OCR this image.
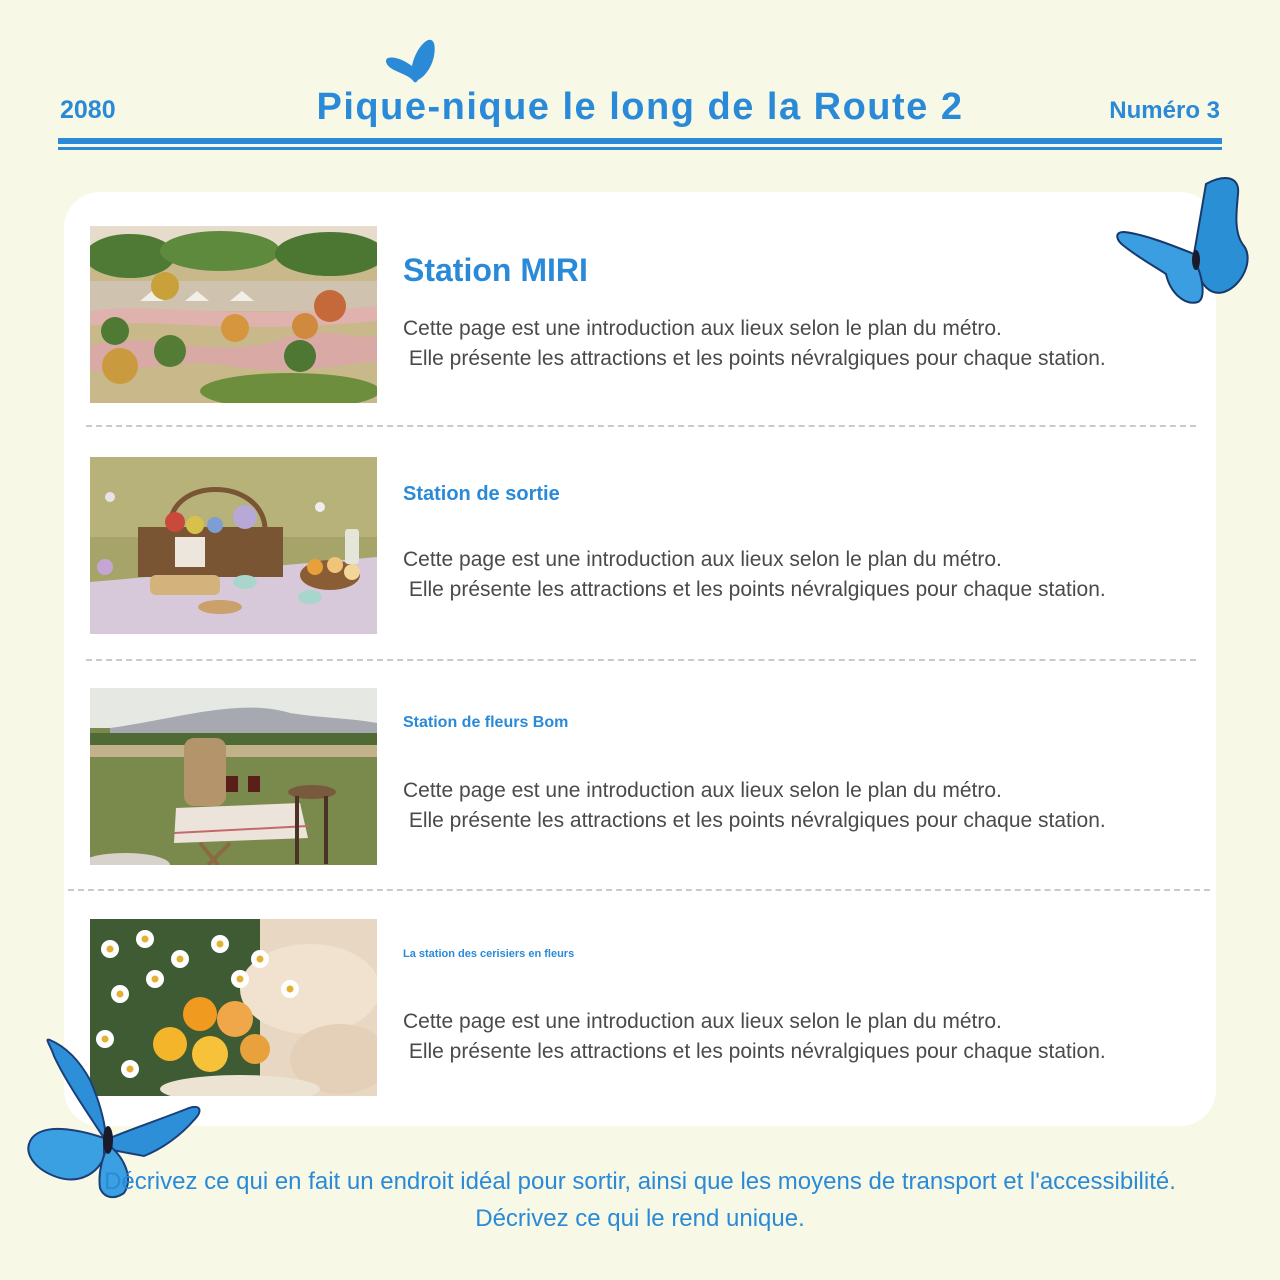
2080	Pique-nique le long de la Route 2	Numéro 3
Station MIRI
Cette page est une introduction aux lieux selon le plan du métro.
Elle présente les attractions et les points névralgiques pour chaque station.
Station de sortie
Cette page est une introduction aux lieux selon le plan du métro.
Elle présente les attractions et les points névralgiques pour chaque station.
Station de fleurs Bom
Cette page est une introduction aux lieux selon le plan du métro.
Elle présente les attractions et les points névralgiques pour chaque station.
La station des cerisiers en fleurs
Cette page est une introduction aux lieux selon le plan du métro.
Elle présente les attractions et les points névralgiques pour chaque station.
Décrivez ce qui en fait un endroit idéal pour sortir, ainsi que les moyens de transport et l'accessibilité.
Décrivez ce qui le rend unique.
